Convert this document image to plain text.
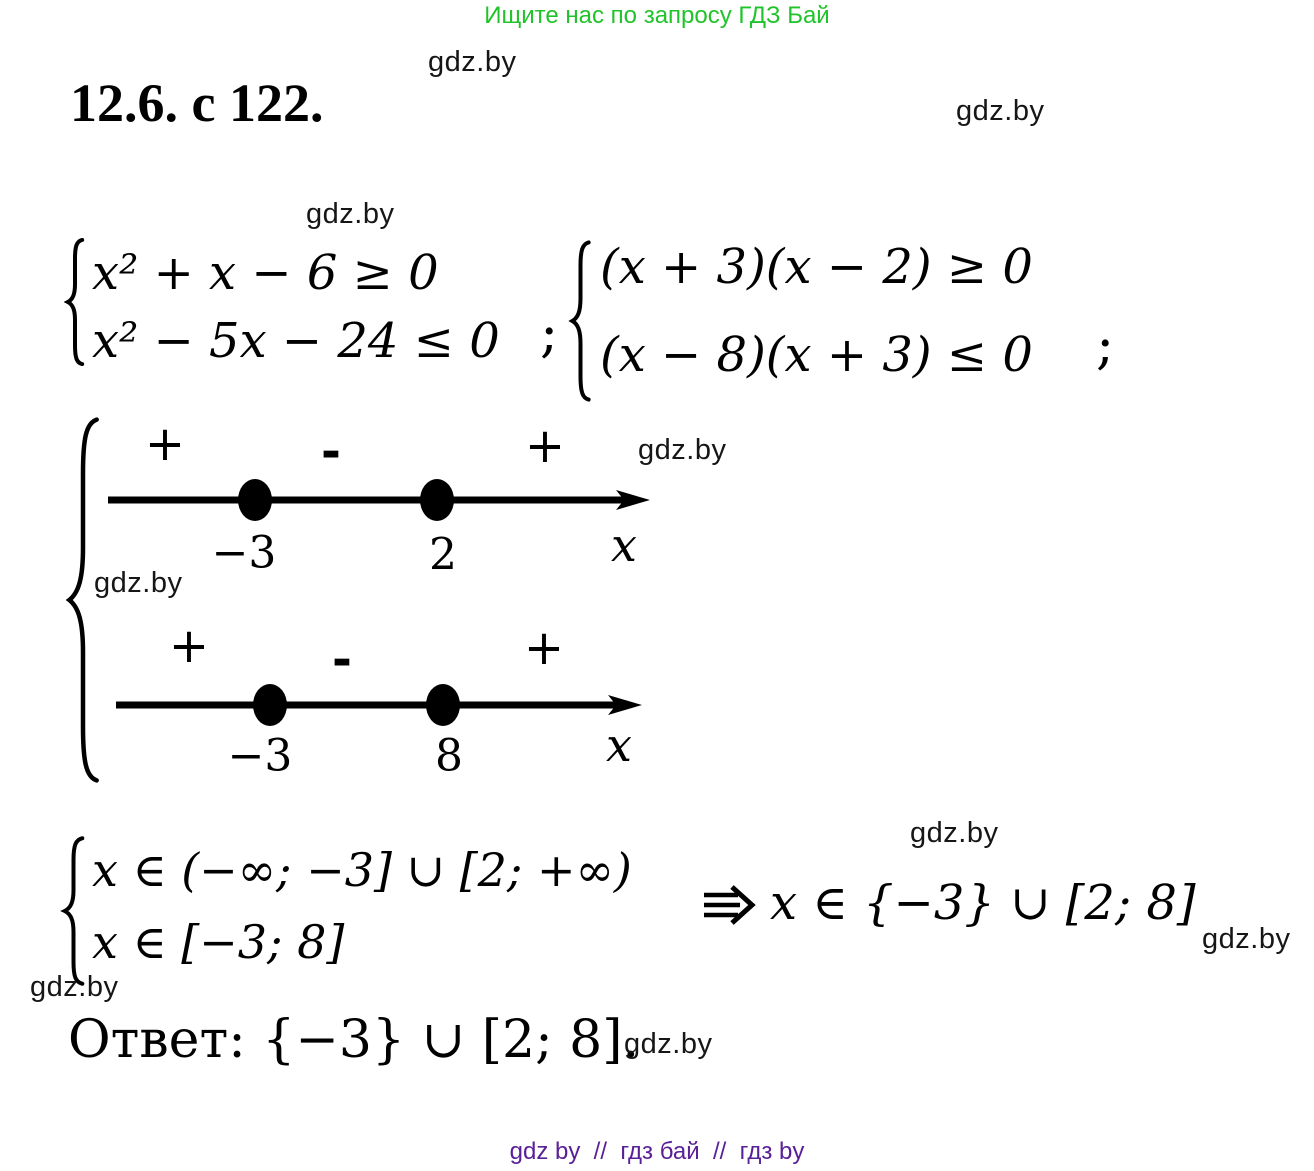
Ищите нас по запросу ГДЗ Бай
gdz.by
gdz.by
12.6. с 122.
gdz.by
x² + x − 6 ≥ 0
x² − 5x − 24 ≤ 0 ;
(x + 3)(x − 2) ≥ 0
(x − 8)(x + 3) ≤ 0 ;
+	-	+
−3	2	x
gdz.by
gdz.by
+	-	+
−3	8	x
x ∈ (−∞; −3] ∪ [2; +∞)
x ∈ [−3; 8]
x ∈ {−3} ∪ [2; 8]
gdz.by
gdz.by
gdz.by
Ответ: {−3} ∪ [2; 8].
gdz.by
gdz by  //  гдз бай  //  гдз by
